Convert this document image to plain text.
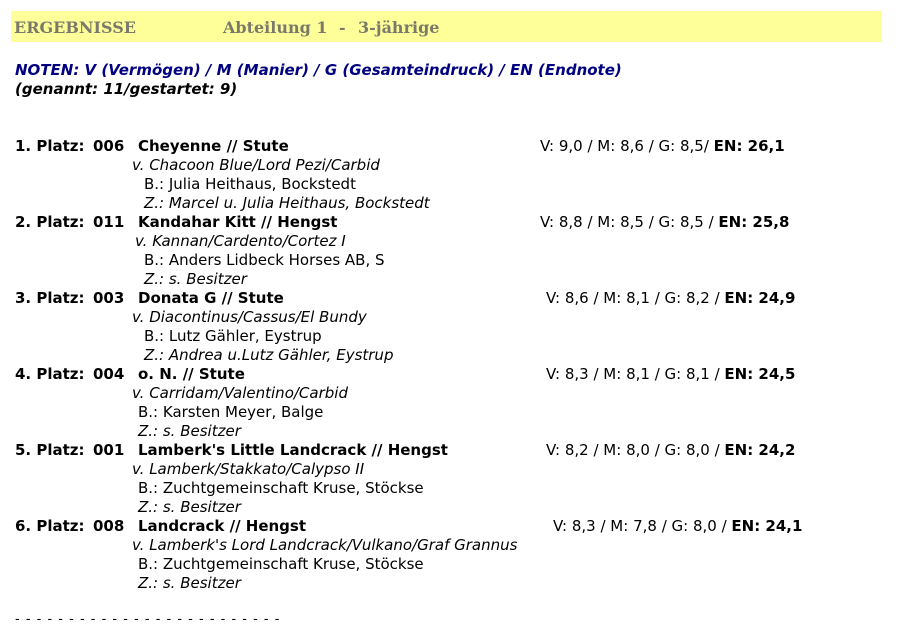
ERGEBNISSE	Abteilung 1 - 3-jährige
NOTEN: V (Vermögen) / M (Manier) / G (Gesamteindruck) / EN (Endnote)
(genannt: 11/gestartet: 9)
1. Platz: 006 Cheyenne // Stute	V: 9,0 / M: 8,6 / G: 8,5/ EN: 26,1
v. Chacoon Blue/Lord Pezi/Carbid
B.: Julia Heithaus, Bockstedt
Z.: Marcel u. Julia Heithaus, Bockstedt
2. Platz: 011 Kandahar Kitt // Hengst	V: 8,8 / M: 8,5 / G: 8,5 / EN: 25,8
v. Kannan/Cardento/Cortez I
B.: Anders Lidbeck Horses AB, S
Z.: s. Besitzer
3. Platz: 003 Donata G // Stute	V: 8,6 / M: 8,1 / G: 8,2 / EN: 24,9
v. Diacontinus/Cassus/El Bundy
B.: Lutz Gähler, Eystrup
Z.: Andrea u.Lutz Gähler, Eystrup
4. Platz: 004 o. N. // Stute	V: 8,3 / M: 8,1 / G: 8,1 / EN: 24,5
v. Carridam/Valentino/Carbid
B.: Karsten Meyer, Balge
Z.: s. Besitzer
5. Platz: 001 Lamberk's Little Landcrack // Hengst	V: 8,2 / M: 8,0 / G: 8,0 / EN: 24,2
v. Lamberk/Stakkato/Calypso II
B.: Zuchtgemeinschaft Kruse, Stöckse
Z.: s. Besitzer
6. Platz: 008 Landcrack // Hengst	V: 8,3 / M: 7,8 / G: 8,0 / EN: 24,1
v. Lamberk's Lord Landcrack/Vulkano/Graf Grannus
B.: Zuchtgemeinschaft Kruse, Stöckse
Z.: s. Besitzer
- - - - - - - - - - - - - - - - - - - - - - - - -
